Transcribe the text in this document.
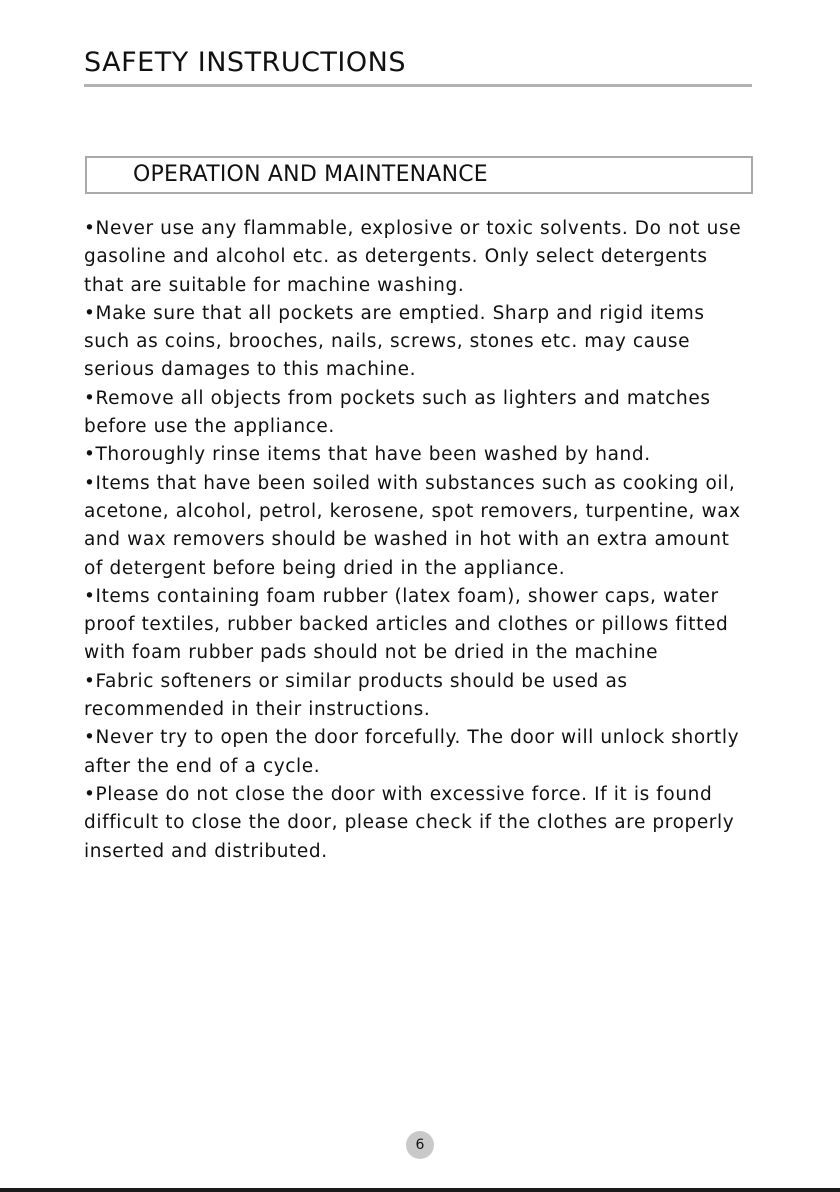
SAFETY INSTRUCTIONS
OPERATION AND MAINTENANCE
•Never use any flammable, explosive or toxic solvents. Do not use gasoline and alcohol etc. as detergents. Only select detergents that are suitable for machine washing.
•Make sure that all pockets are emptied. Sharp and rigid items such as coins, brooches, nails, screws, stones etc. may cause serious damages to this machine.
•Remove all objects from pockets such as lighters and matches before use the appliance.
•Thoroughly rinse items that have been washed by hand.
•Items that have been soiled with substances such as cooking oil, acetone, alcohol, petrol, kerosene, spot removers, turpentine, wax and wax removers should be washed in hot with an extra amount of detergent before being dried in the appliance.
•Items containing foam rubber (latex foam), shower caps, water proof textiles, rubber backed articles and clothes or pillows fitted with foam rubber pads should not be dried in the machine
•Fabric softeners or similar products should be used as recommended in their instructions.
•Never try to open the door forcefully. The door will unlock shortly after the end of a cycle.
•Please do not close the door with excessive force. If it is found difficult to close the door, please check if the clothes are properly inserted and distributed.
6
